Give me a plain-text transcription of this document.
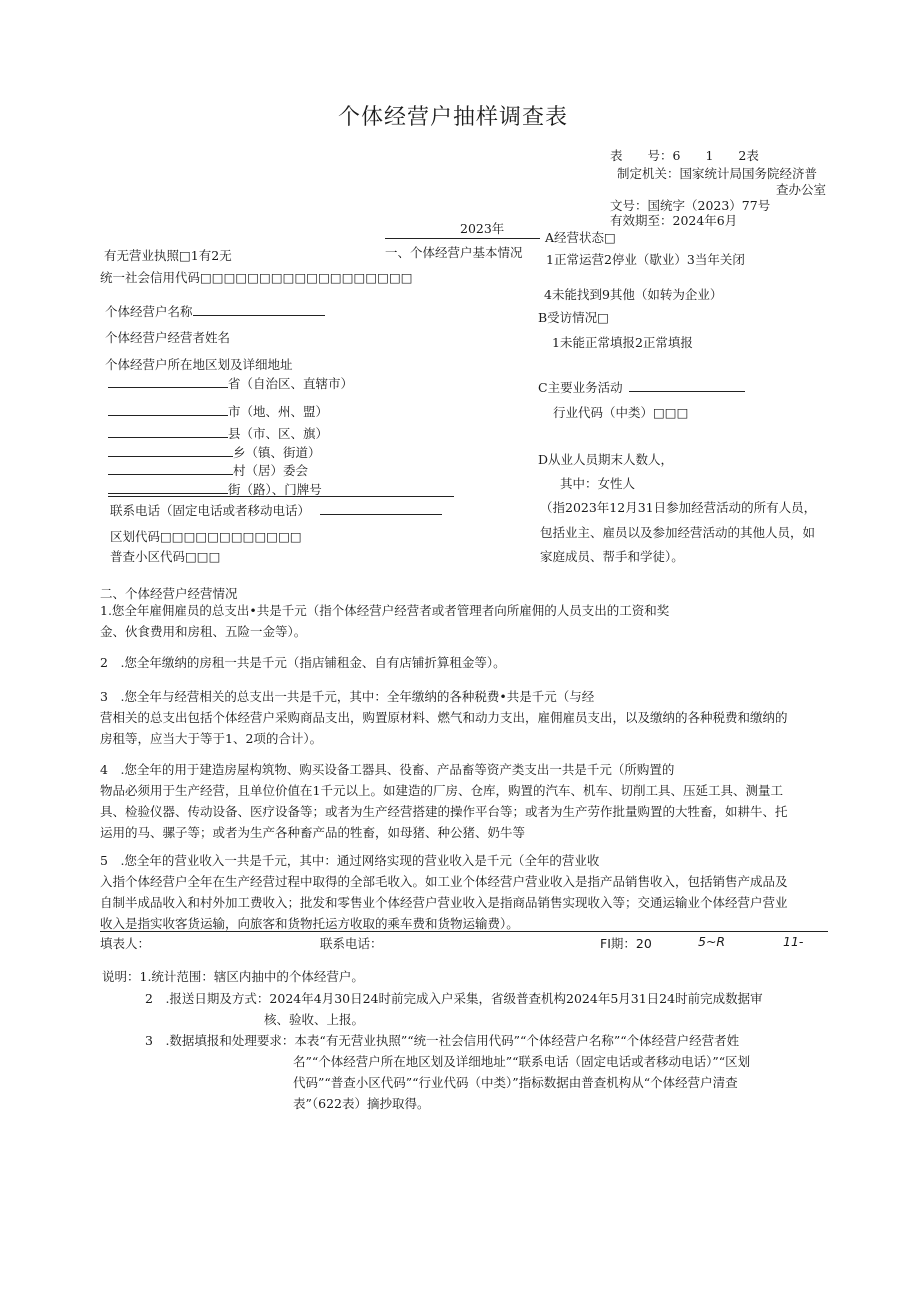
个体经营户抽样调查表
表　　号：6　　1　　2表
制定机关：国家统计局国务院经济普
查办公室
文号：国统字（2023）77号
有效期至：2024年6月
2023年
一、个体经营户基本情况
有无营业执照□1有2无
统一社会信用代码□□□□□□□□□□□□□□□□□□
个体经营户名称
个体经营户经营者姓名
个体经营户所在地区划及详细地址
省（自治区、直辖市）
市（地、州、盟）
县（市、区、旗）
乡（镇、街道）
村（居）委会
街（路）、门牌号
联系电话（固定电话或者移动电话）
区划代码□□□□□□□□□□□□
普查小区代码□□□
A经营状态□
1正常运营2停业（歇业）3当年关闭
4未能找到9其他（如转为企业）
B受访情况□
1未能正常填报2正常填报
C主要业务活动
行业代码（中类）□□□
D从业人员期末人数人，
其中：女性人
（指2023年12月31日参加经营活动的所有人员，
包括业主、雇员以及参加经营活动的其他人员，如
家庭成员、帮手和学徒）。
二、个体经营户经营情况
1.您全年雇佣雇员的总支出•共是千元（指个体经营户经营者或者管理者向所雇佣的人员支出的工资和奖
金、伙食费用和房租、五险一金等）。
2　.您全年缴纳的房租一共是千元（指店铺租金、自有店铺折算租金等）。
3　.您全年与经营相关的总支出一共是千元，其中：全年缴纳的各种税费•共是千元（与经
营相关的总支出包括个体经营户采购商品支出，购置原材料、燃气和动力支出，雇佣雇员支出，以及缴纳的各种税费和缴纳的
房租等，应当大于等于1、2项的合计）。
4　.您全年的用于建造房屋构筑物、购买设备工器具、役畜、产品畜等资产类支出一共是千元（所购置的
物品必须用于生产经营，且单位价值在1千元以上。如建造的厂房、仓库，购置的汽车、机车、切削工具、压延工具、测量工
具、检验仪器、传动设备、医疗设备等；或者为生产经营搭建的操作平台等；或者为生产劳作批量购置的大牲畜，如耕牛、托
运用的马、骡子等；或者为生产各种畜产品的牲畜，如母猪、种公猪、奶牛等
5　.您全年的营业收入一共是千元，其中：通过网络实现的营业收入是千元（全年的营业收
入指个体经营户全年在生产经营过程中取得的全部毛收入。如工业个体经营户营业收入是指产品销售收入，包括销售产成品及
自制半成品收入和村外加工费收入；批发和零售业个体经营户营业收入是指商品销售实现收入等；交通运输业个体经营户营业
收入是指实收客货运输，向旅客和货物托运方收取的乘车费和货物运输费）。
填表人：	联系电话：	FI期：20	5~R	11-
说明：1.统计范围：辖区内抽中的个体经营户。
2　.报送日期及方式：2024年4月30日24时前完成入户采集，省级普查机构2024年5月31日24时前完成数据审
核、验收、上报。
3　.数据填报和处理要求：本表“有无营业执照”“统一社会信用代码”“个体经营户名称”“个体经营户经营者姓
名”“个体经营户所在地区划及详细地址”“联系电话（固定电话或者移动电话）”“区划
代码”“普查小区代码”“行业代码（中类）”指标数据由普查机构从“个体经营户清查
表”（622表）摘抄取得。
